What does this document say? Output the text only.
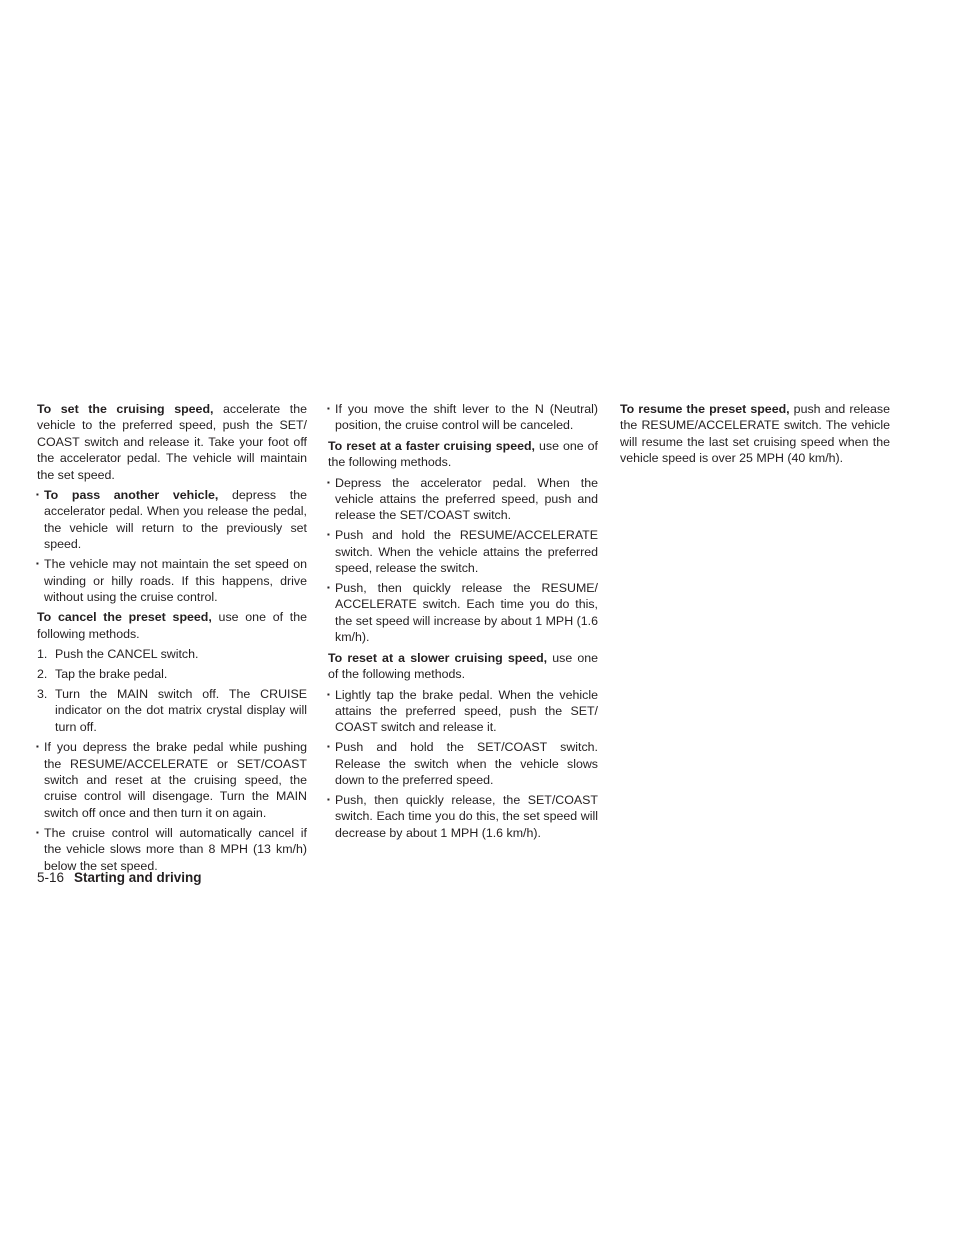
To set the cruising speed, accelerate the vehicle to the preferred speed, push the SET/ COAST switch and release it. Take your foot off the accelerator pedal. The vehicle will maintain the set speed.

▪ To pass another vehicle, depress the accelerator pedal. When you release the pedal, the vehicle will return to the previously set speed.
▪ The vehicle may not maintain the set speed on winding or hilly roads. If this happens, drive without using the cruise control.

To cancel the preset speed, use one of the following methods.

1. Push the CANCEL switch.
2. Tap the brake pedal.
3. Turn the MAIN switch off. The CRUISE indicator on the dot matrix crystal display will turn off.
▪ If you depress the brake pedal while pushing the RESUME/ACCELERATE or SET/COAST switch and reset at the cruising speed, the cruise control will disengage. Turn the MAIN switch off once and then turn it on again.
▪ The cruise control will automatically cancel if the vehicle slows more than 8 MPH (13 km/h) below the set speed.
▪ If you move the shift lever to the N (Neutral) position, the cruise control will be canceled.

To reset at a faster cruising speed, use one of the following methods.

▪ Depress the accelerator pedal. When the vehicle attains the preferred speed, push and release the SET/COAST switch.
▪ Push and hold the RESUME/ACCELERATE switch. When the vehicle attains the preferred speed, release the switch.
▪ Push, then quickly release the RESUME/ ACCELERATE switch. Each time you do this, the set speed will increase by about 1 MPH (1.6 km/h).

To reset at a slower cruising speed, use one of the following methods.

▪ Lightly tap the brake pedal. When the vehicle attains the preferred speed, push the SET/ COAST switch and release it.
▪ Push and hold the SET/COAST switch. Release the switch when the vehicle slows down to the preferred speed.
▪ Push, then quickly release, the SET/COAST switch. Each time you do this, the set speed will decrease by about 1 MPH (1.6 km/h).

To resume the preset speed, push and release the RESUME/ACCELERATE switch. The vehicle will resume the last set cruising speed when the vehicle speed is over 25 MPH (40 km/h).

5-16 Starting and driving
